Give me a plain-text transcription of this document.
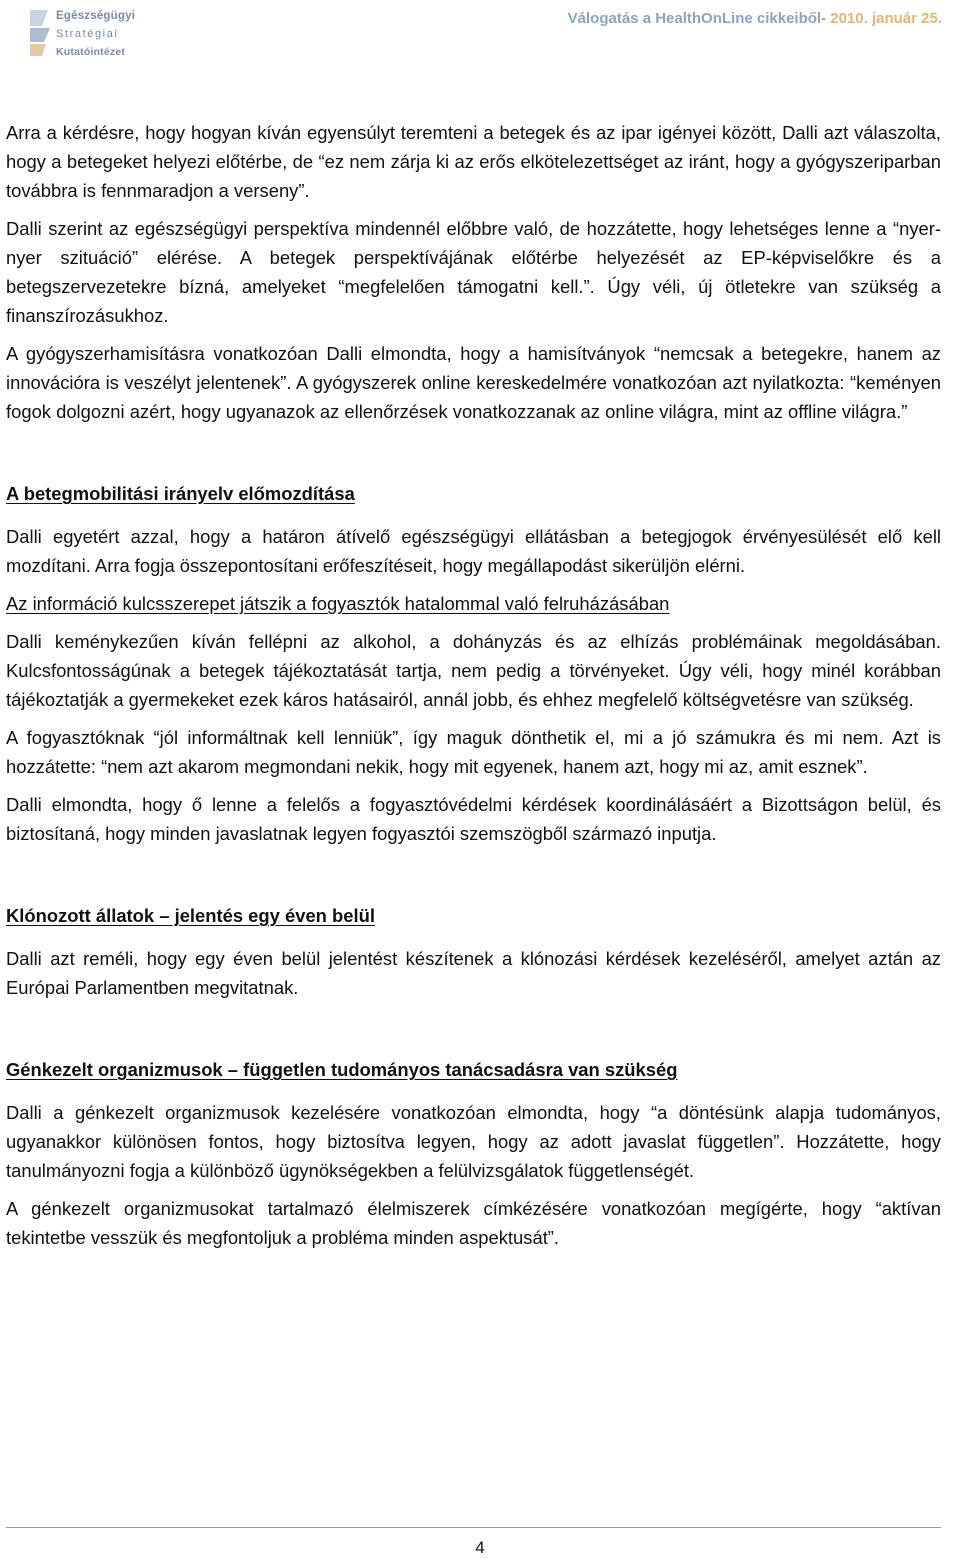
Egészségügyi
Stratégiai
Kutatóintézet
Válogatás a HealthOnLine cikkeiből- 2010. január 25.

Arra a kérdésre, hogy hogyan kíván egyensúlyt teremteni a betegek és az ipar igényei között, Dalli azt válaszolta, hogy a betegeket helyezi előtérbe, de “ez nem zárja ki az erős elkötelezettséget az iránt, hogy a gyógyszeriparban továbbra is fennmaradjon a verseny”.

Dalli szerint az egészségügyi perspektíva mindennél előbbre való, de hozzátette, hogy lehetséges lenne a “nyer-nyer szituáció” elérése. A betegek perspektívájának előtérbe helyezését az EP-képviselőkre és a betegszervezetekre bízná, amelyeket “megfelelően támogatni kell.”. Úgy véli, új ötletekre van szükség a finanszírozásukhoz.

A gyógyszerhamisításra vonatkozóan Dalli elmondta, hogy a hamisítványok “nemcsak a betegekre, hanem az innovációra is veszélyt jelentenek”. A gyógyszerek online kereskedelmére vonatkozóan azt nyilatkozta: “keményen fogok dolgozni azért, hogy ugyanazok az ellenőrzések vonatkozzanak az online világra, mint az offline világra.”

A betegmobilitási irányelv előmozdítása

Dalli egyetért azzal, hogy a határon átívelő egészségügyi ellátásban a betegjogok érvényesülését elő kell mozdítani. Arra fogja összepontosítani erőfeszítéseit, hogy megállapodást sikerüljön elérni.

Az információ kulcsszerepet játszik a fogyasztók hatalommal való felruházásában

Dalli keménykezűen kíván fellépni az alkohol, a dohányzás és az elhízás problémáinak megoldásában. Kulcsfontosságúnak a betegek tájékoztatását tartja, nem pedig a törvényeket. Úgy véli, hogy minél korábban tájékoztatják a gyermekeket ezek káros hatásairól, annál jobb, és ehhez megfelelő költségvetésre van szükség.

A fogyasztóknak “jól informáltnak kell lenniük”, így maguk dönthetik el, mi a jó számukra és mi nem. Azt is hozzátette: “nem azt akarom megmondani nekik, hogy mit egyenek, hanem azt, hogy mi az, amit esznek”.

Dalli elmondta, hogy ő lenne a felelős a fogyasztóvédelmi kérdések koordinálásáért a Bizottságon belül, és biztosítaná, hogy minden javaslatnak legyen fogyasztói szemszögből származó inputja.

Klónozott állatok – jelentés egy éven belül

Dalli azt reméli, hogy egy éven belül jelentést készítenek a klónozási kérdések kezeléséről, amelyet aztán az Európai Parlamentben megvitatnak.

Génkezelt organizmusok – független tudományos tanácsadásra van szükség

Dalli a génkezelt organizmusok kezelésére vonatkozóan elmondta, hogy “a döntésünk alapja tudományos, ugyanakkor különösen fontos, hogy biztosítva legyen, hogy az adott javaslat független”. Hozzátette, hogy tanulmányozni fogja a különböző ügynökségekben a felülvizsgálatok függetlenségét.

A génkezelt organizmusokat tartalmazó élelmiszerek címkézésére vonatkozóan megígérte, hogy “aktívan tekintetbe vesszük és megfontoljuk a probléma minden aspektusát”.

4
